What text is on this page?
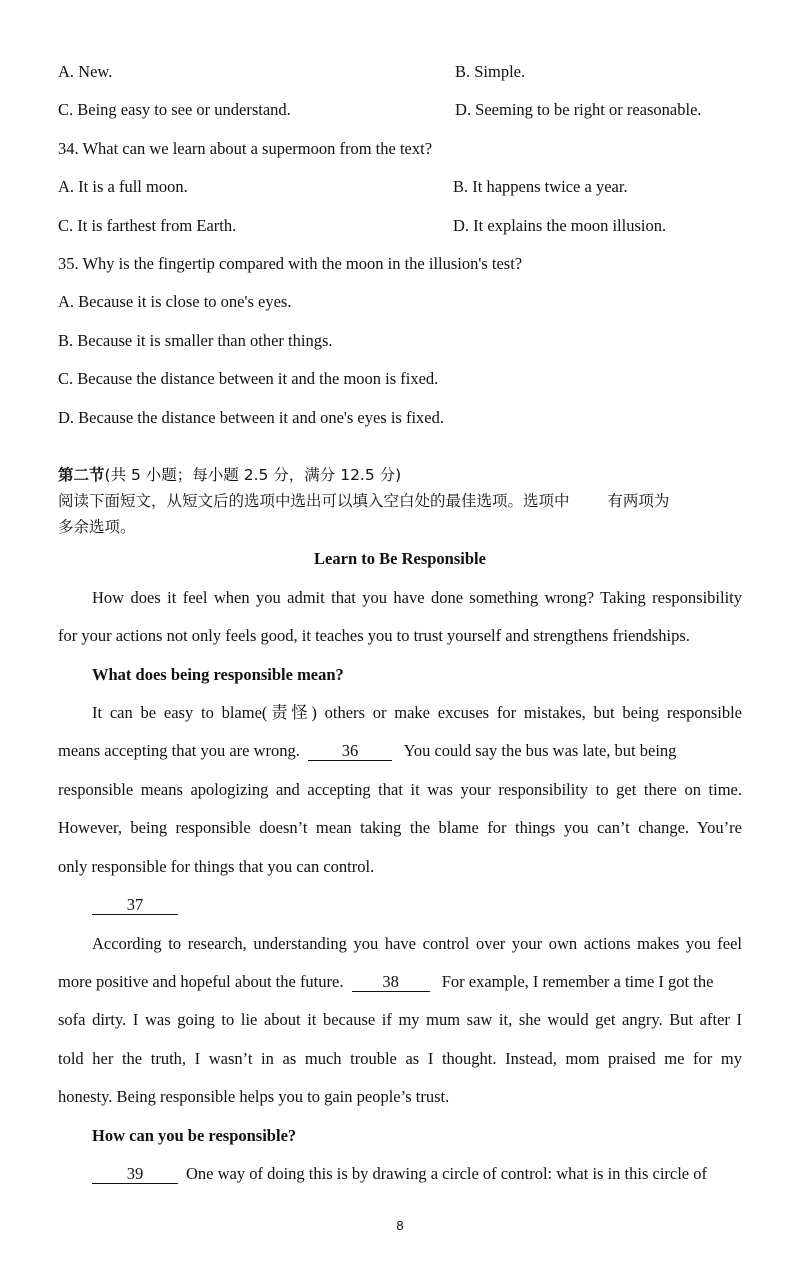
A. New.	B. Simple.
C. Being easy to see or understand.	D. Seeming to be right or reasonable.
34. What can we learn about a supermoon from the text?
A. It is a full moon.	B. It happens twice a year.
C. It is farthest from Earth.	D. It explains the moon illusion.
35. Why is the fingertip compared with the moon in the illusion's test?
A. Because it is close to one's eyes.
B. Because it is smaller than other things.
C. Because the distance between it and the moon is fixed.
D. Because the distance between it and one's eyes is fixed.
第二节(共 5 小题；每小题 2.5 分，满分 12.5 分)
阅读下面短文，从短文后的选项中选出可以填入空白处的最佳选项。选项中 有两项为
多余选项。
Learn to Be Responsible
How does it feel when you admit that you have done something wrong? Taking responsibility
for your actions not only feels good, it teaches you to trust yourself and strengthens friendships.
What does being responsible mean?
It can be easy to blame(责怪) others or make excuses for mistakes, but being responsible
means accepting that you are wrong.	36	You could say the bus was late, but being
responsible means apologizing and accepting that it was your responsibility to get there on time.
However, being responsible doesn’t mean taking the blame for things you can’t change. You’re
only responsible for things that you can control.
37
According to research, understanding you have control over your own actions makes you feel
more positive and hopeful about the future. 38	For example, I remember a time I got the
sofa dirty. I was going to lie about it because if my mum saw it, she would get angry. But after I
told her the truth, I wasn’t in as much trouble as I thought. Instead, mom praised me for my
honesty. Being responsible helps you to gain people’s trust.
How can you be responsible?
39	One way of doing this is by drawing a circle of control: what is in this circle of
8
